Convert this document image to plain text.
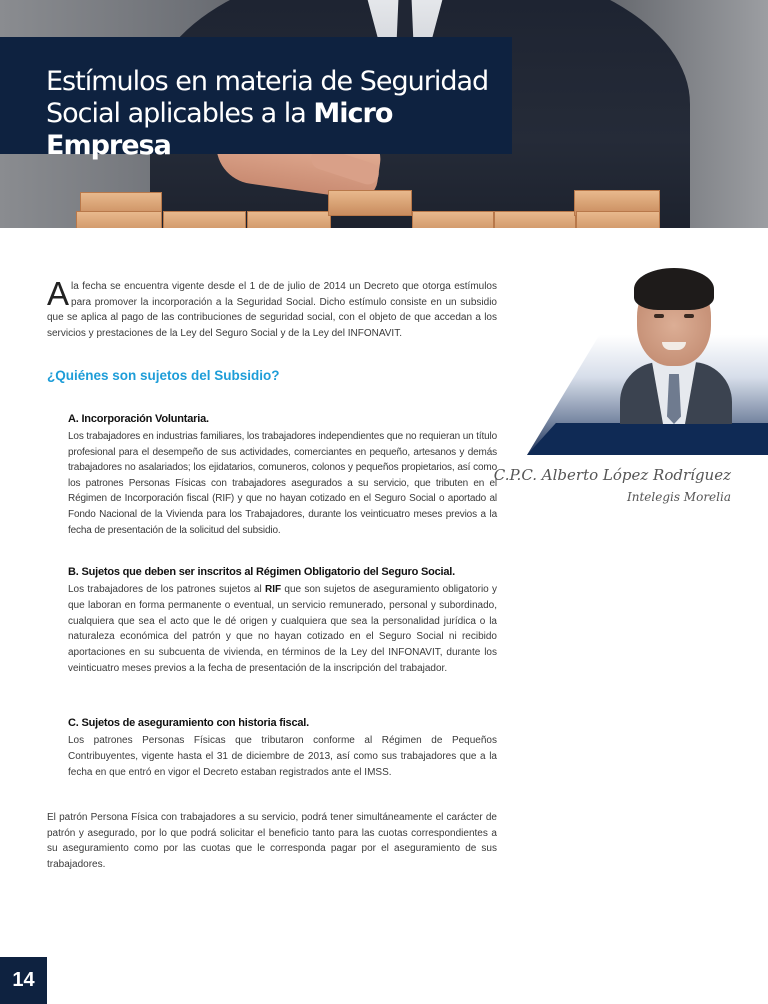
Estímulos en materia de Seguridad Social aplicables a la Micro Empresa

C.P.C. Alberto López Rodríguez

Intelegis Morelia

Ala fecha se encuentra vigente desde el 1 de de julio de 2014 un Decreto que otorga estímulos para promover la incorporación a la Seguridad Social. Dicho estímulo consiste en un subsidio que se aplica al pago de las contribuciones de seguridad social, con el objeto de que accedan a los servicios y prestaciones de la Ley del Seguro Social y de la Ley del INFONAVIT.

¿Quiénes son sujetos del Subsidio?

A. Incorporación Voluntaria.

Los trabajadores en industrias familiares, los trabajadores independientes que no requieran un título profesional para el desempeño de sus actividades, comerciantes en pequeño, artesanos y demás trabajadores no asalariados; los ejidatarios, comuneros, colonos y pequeños propietarios, así como los patrones Personas Físicas con trabajadores asegurados a su servicio, que tributen en el Régimen de Incorporación fiscal (RIF) y que no hayan cotizado en el Seguro Social o aportado al Fondo Nacional de la Vivienda para los Trabajadores, durante los veinticuatro meses previos a la fecha de presentación de la solicitud del subsidio.

B. Sujetos que deben ser inscritos al Régimen Obligatorio del Seguro Social.

Los trabajadores de los patrones sujetos al RIF que son sujetos de aseguramiento obligatorio y que laboran en forma permanente o eventual, un servicio remunerado, personal y subordinado, cualquiera que sea el acto que le dé origen y cualquiera que sea la personalidad jurídica o la naturaleza económica del patrón y que no hayan cotizado en el Seguro Social ni recibido aportaciones en su subcuenta de vivienda, en términos de la Ley del INFONAVIT, durante los veinticuatro meses previos a la fecha de presentación de la inscripción del trabajador.

C. Sujetos de aseguramiento con historia fiscal.

Los patrones Personas Físicas que tributaron conforme al Régimen de Pequeños Contribuyentes, vigente hasta el 31 de diciembre de 2013, así como sus trabajadores que a la fecha en que entró en vigor el Decreto estaban registrados ante el IMSS.

El patrón Persona Física con trabajadores a su servicio, podrá tener simultáneamente el carácter de patrón y asegurado, por lo que podrá solicitar el beneficio tanto para las cuotas correspondientes a su aseguramiento como por las cuotas que le corresponda pagar por el aseguramiento de sus trabajadores.

14
